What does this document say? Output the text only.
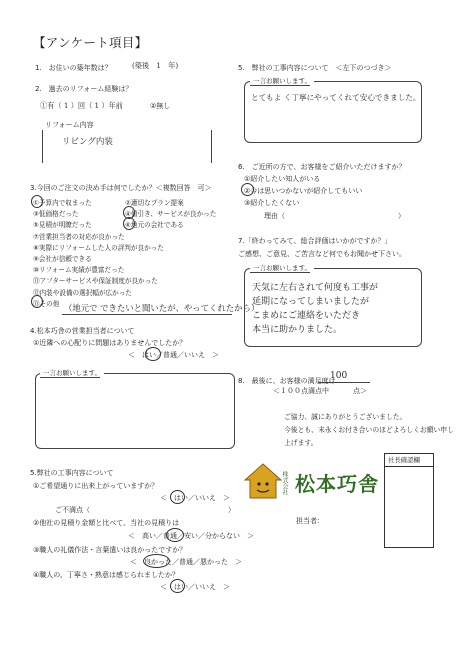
【アンケート項目】
1.　お住いの築年数は？	(築後　1　年)
2.　過去のリフォーム経験は？
①有（ 1 ）回（ 1 ）年前	②無し
リフォーム内容
リビング内装
3.今回のご注文の決め手は何でしたか？＜複数回答　可＞
①予算内で収まった	②適切なプラン提案
③低価格だった	④値引き、サービスが良かった
⑤見積が明瞭だった	⑥地元の会社である
⑦営業担当者の対応が良かった
⑧実際にリフォームした人の評判が良かった
⑨会社が信頼できる
⑩リフォーム実績が豊富だった
⑪アフターサービスや保証制度が良かった
⑫内装や設備の選択幅が広かった
⑬その他 （地元で できたいと聞いたが、やってくれたから）
4.松本巧舎の営業担当者について
①近隣への心配りに問題はありませんでしたか？
＜　はい／普通／いいえ　＞
一言お願いします。
5.弊社の工事内容について
①ご希望通りに出来上がっていますか？
＜　はい／いいえ　＞
ご不満点（	）
②他社の見積り金額と比べて、当社の見積りは
＜　高い／普通／安い／分からない　＞
③職人の礼儀作法・言葉遣いは良かったですか？
＜　良かった／普通／悪かった　＞
④職人の、丁寧さ・熟意は感じられましたか？
＜　はい／いいえ　＞
5.　弊社の工事内容について　＜左下のつづき＞
一言お願いします。
とてもよ く丁寧にやってくれて安心できました。
6.　ご近所の方で、お客様をご紹介いただけますか？
①紹介したい知人がいる
②今は思いつかないが紹介してもいい
③紹介したくない
理由（	）
7.「終わってみて、総合評価はいかがですか？」
ご感想、ご意見、ご苦言など何でもお聞かせ下さい。
一言お願いします。
天気に左右されて何度も工事が
延期になってしまいましたが
こまめにご連絡をいただき
本当に助かりました。
8.　最後に、お客様の満足度は
100
＜１００点満点中	点＞
ご協力、誠にありがとうございました。
今後とも、末永くお付き合いのほどよろしくお願い申し
上げます。
株式会社 松本巧舎
担当者：
社長確認欄
